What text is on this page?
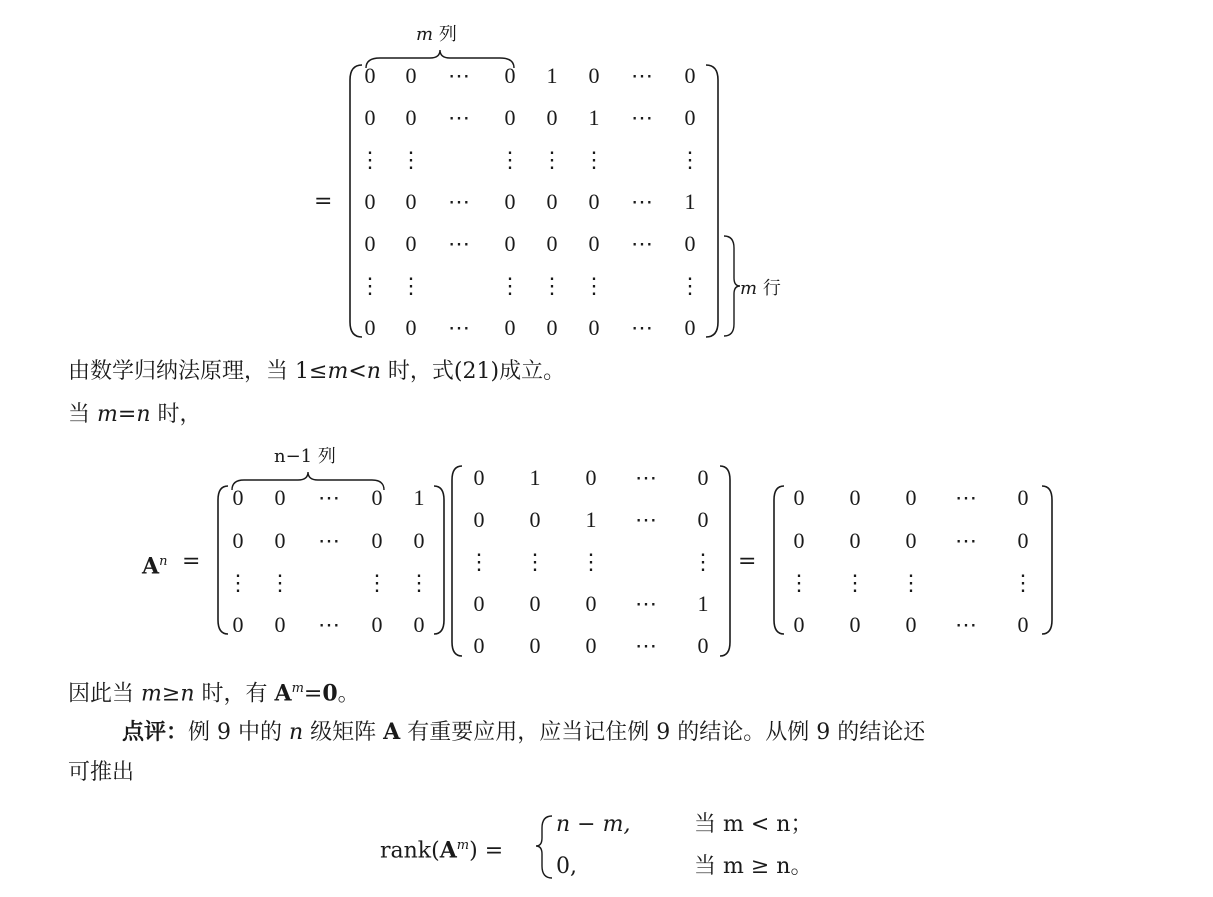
m 列
=
0	0	⋯	0	1	0	⋯	0
0	0	⋯	0	0	1	⋯	0
⋮ ⋮	⋮ ⋮ ⋮	⋮
0	0	⋯	0	0	0	⋯	1
0	0	⋯	0	0	0	⋯	0
⋮ ⋮	⋮ ⋮ ⋮	⋮
0	0	⋯	0	0	0	⋯	0
m 行
由数学归纳法原理，当 1≤m<n 时，式(21)成立。
当 m=n 时，
n−1 列
$A^n$ =
0	0	⋯	0	1
0	0	⋯	0	0
⋮ ⋮	⋮ ⋮
0	0	⋯	0	0
0	1	0	⋯	0
0	0	1	⋯	0
⋮ ⋮ ⋮	⋮
0	0	0	⋯	1
0	0	0	⋯	0
=
0	0	0	⋯	0
0	0	0	⋯	0
⋮ ⋮ ⋮	⋮
0	0	0	⋯	0
因此当 m≥n 时，有 $A^m=0$。
点评：例 9 中的 n 级矩阵 A 有重要应用，应当记住例 9 的结论。从例 9 的结论还
可推出
$rank(A^m)$ =
n − m,	当 m < n；
0,	当 m ≥ n。
